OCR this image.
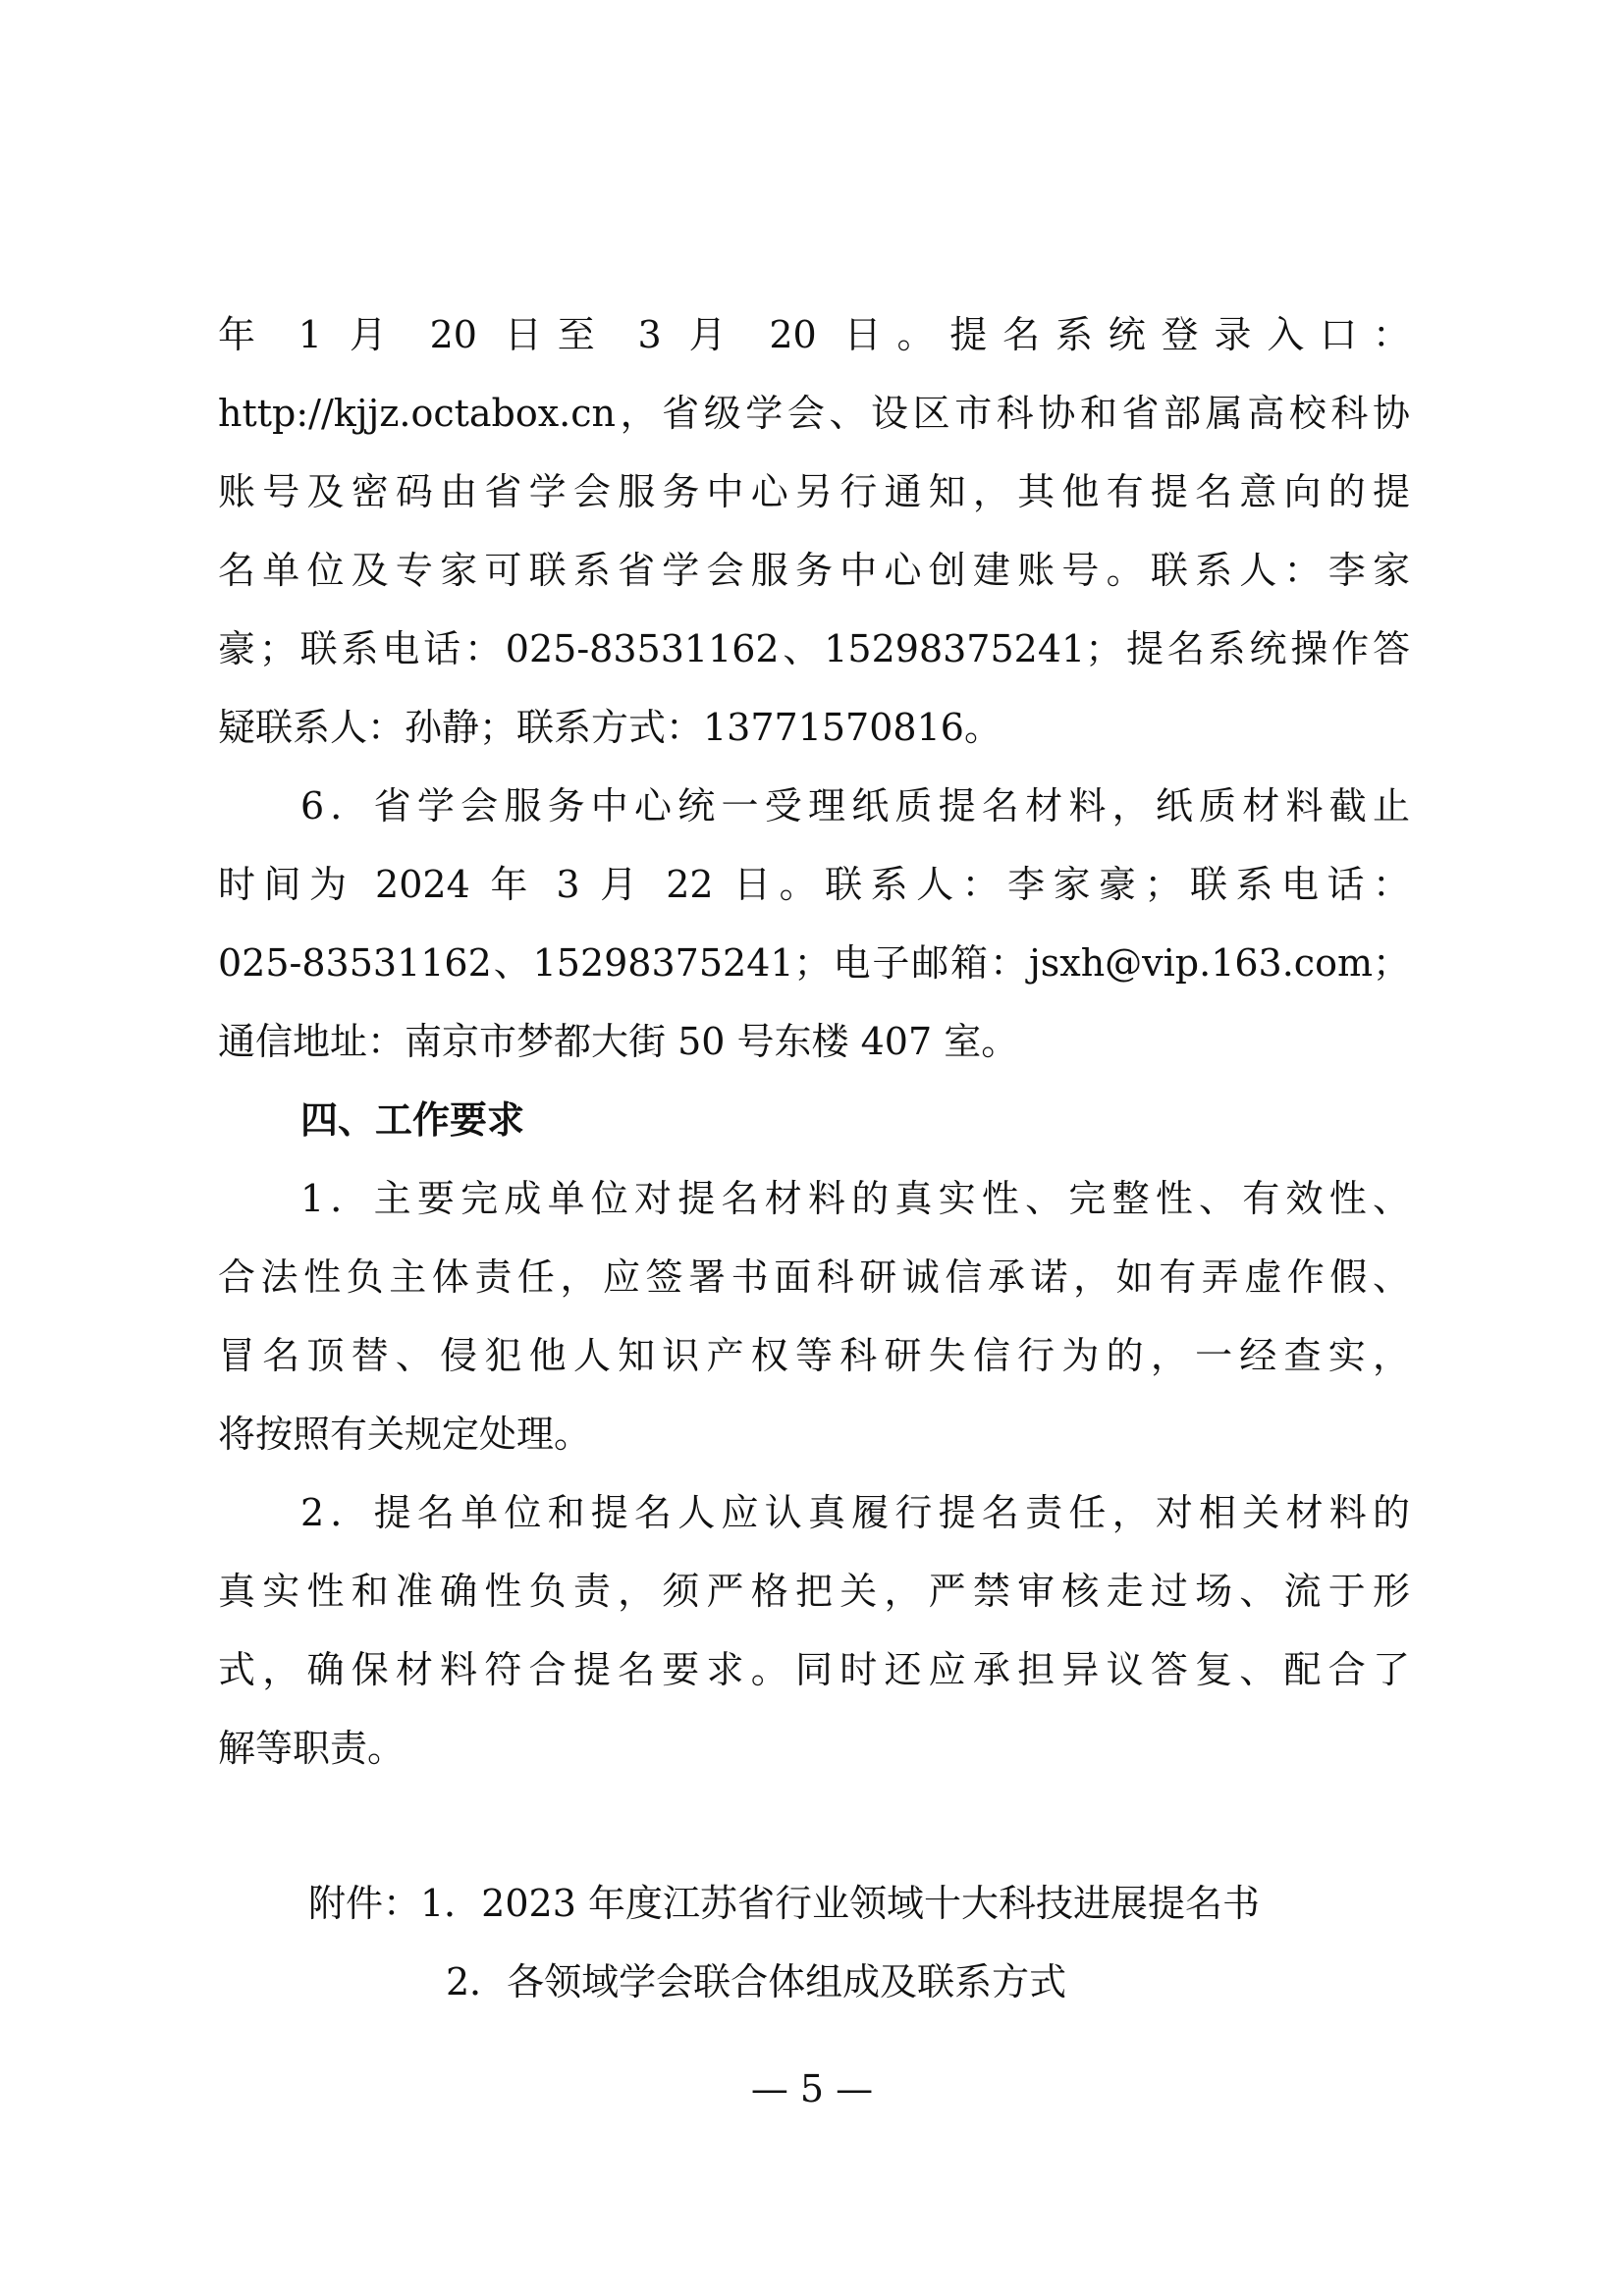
年 1 月 20 日至 3 月 20 日。提名系统登录入口：
http://kjjz.octabox.cn，省级学会、设区市科协和省部属高校科协
账号及密码由省学会服务中心另行通知，其他有提名意向的提
名单位及专家可联系省学会服务中心创建账号。联系人：李家
豪；联系电话：025-83531162、15298375241；提名系统操作答
疑联系人：孙静；联系方式：13771570816。
6．省学会服务中心统一受理纸质提名材料，纸质材料截止
时间为 2024 年 3 月 22 日。联系人：李家豪；联系电话：
025-83531162、15298375241；电子邮箱：jsxh@vip.163.com；
通信地址：南京市梦都大街 50 号东楼 407 室。
四、工作要求
1．主要完成单位对提名材料的真实性、完整性、有效性、
合法性负主体责任，应签署书面科研诚信承诺，如有弄虚作假、
冒名顶替、侵犯他人知识产权等科研失信行为的，一经查实，
将按照有关规定处理。
2．提名单位和提名人应认真履行提名责任，对相关材料的
真实性和准确性负责，须严格把关，严禁审核走过场、流于形
式，确保材料符合提名要求。同时还应承担异议答复、配合了
解等职责。
附件：1．2023 年度江苏省行业领域十大科技进展提名书
2．各领域学会联合体组成及联系方式
— 5 —
